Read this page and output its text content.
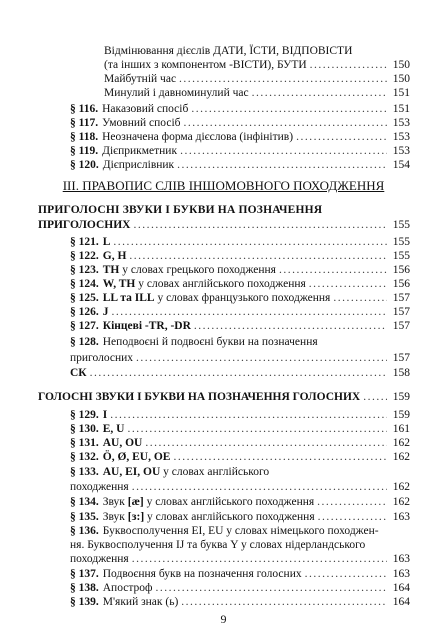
Відмінювання дієслів ДАТИ, ЇСТИ, ВІДПОВІСТИ
(та інших з компонентом -ВІСТИ), БУТИ .....	150
Майбутній час .....	150
Минулий і давноминулий час .....	151
§ 116. Наказовий спосіб .....	151
§ 117. Умовний спосіб .....	153
§ 118. Неозначена форма дієслова (інфінітив) .....	153
§ 119. Дієприкметник .....	153
§ 120. Дієприслівник .....	154
III. ПРАВОПИС СЛІВ ІНШОМОВНОГО ПОХОДЖЕННЯ
ПРИГОЛОСНІ ЗВУКИ І БУКВИ НА ПОЗНАЧЕННЯ
ПРИГОЛОСНИХ .....	155
§ 121. L .....	155
§ 122. G, H .....	155
§ 123. TH у словах грецького походження .....	156
§ 124. W, TH у словах англійського походження .....	156
§ 125. LL та ILL у словах французького походження .....	157
§ 126. J .....	157
§ 127. Кінцеві -TR, -DR .....	157
§ 128. Неподвоєні й подвоєні букви на позначення
приголосних .....	157
СК .....	158
ГОЛОСНІ ЗВУКИ І БУКВИ НА ПОЗНАЧЕННЯ ГОЛОСНИХ .....	159
§ 129. I .....	159
§ 130. E, U .....	161
§ 131. AU, OU .....	162
§ 132. Ö, Ø, EU, OE .....	162
§ 133. AU, EI, OU у словах англійського
походження .....	162
§ 134. Звук [æ] у словах англійського походження .....	162
§ 135. Звук [ɜ:] у словах англійського походження .....	163
§ 136. Буквосполучення EI, EU у словах німецького походжен-
ня. Буквосполучення IJ та буква Y у словах нідерландського
походження .....	163
§ 137. Подвоєння букв на позначення голосних .....	163
§ 138. Апостроф .....	164
§ 139. М'який знак (ь) .....	164
9
